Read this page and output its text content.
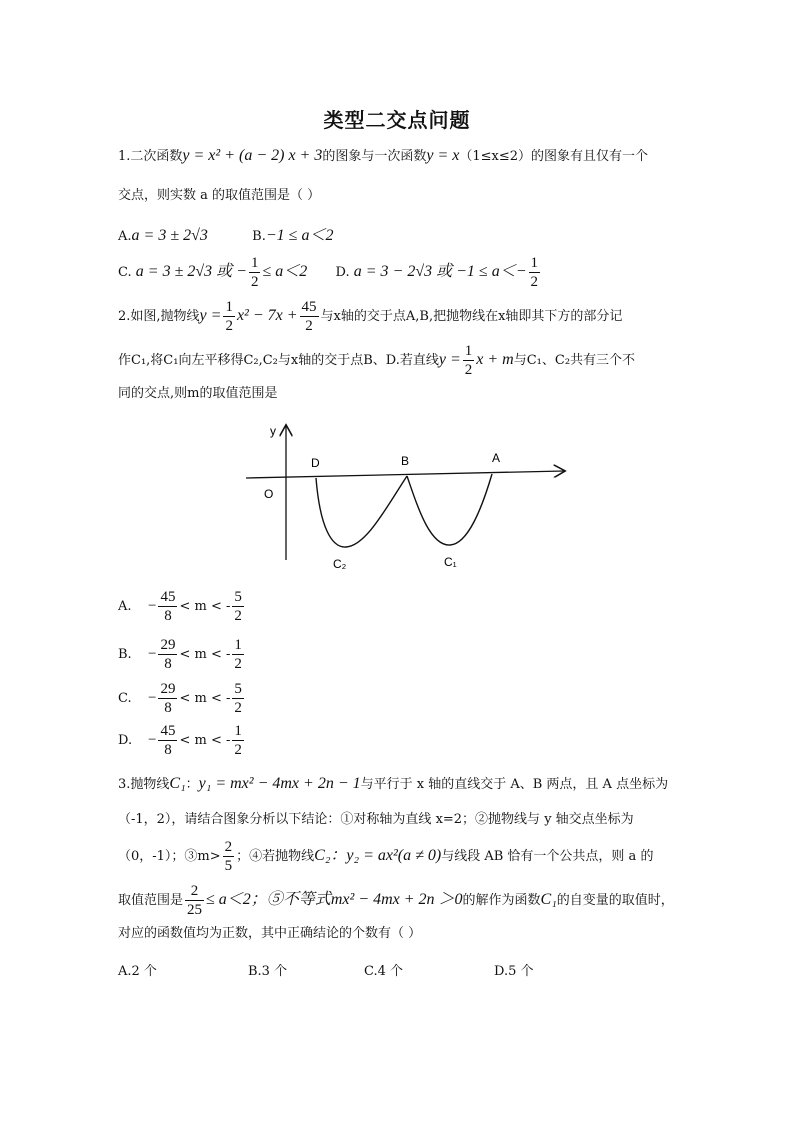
类型二交点问题
1.二次函数y = x² + (a − 2) x + 3的图象与一次函数y = x（1≤x≤2）的图象有且仅有一个
交点，则实数 a 的取值范围是（ ）
A.a = 3 ± 2√3	B.−1 ≤ a＜2
C. a = 3 ± 2√3 或 − $\frac{1}{2} \le a<2$ D. a = 3 − 2√3 或 $-1 \le a<- \frac{1}{2}$
2.如图,抛物线$y = \frac{1}{2} x^2 - 7x + \frac{45}{2}$ 与x轴的交于点A,B,把抛物线在x轴即其下方的部分记
作C₁,将C₁向左平移得C₂,C₂与x轴的交于点B、D.若直线$y = \frac{1}{2}$ x + m与C₁、C₂共有三个不
同的交点,则m的取值范围是
y
O
D	B	A
C₂	C₁
A. − $\frac{45}{8} < m$ < - $\frac{5}{2}$
B. − $\frac{29}{8} < m$ < - $\frac{1}{2}$
C. − $\frac{29}{8} < m$ < - $\frac{5}{2}$
D. − $\frac{45}{8} < m$ < - $\frac{1}{2}$
3.抛物线C₁：y₁ = mx² − 4mx + 2n − 1与平行于 x 轴的直线交于 A、B 两点，且 A 点坐标为
（-1，2），请结合图象分析以下结论：①对称轴为直线 x=2；②抛物线与 y 轴交点坐标为
（0，-1）；③m> $\frac{2}{5}$ ；④若抛物线C₂：y₂ = ax²(a ≠ 0)与线段 AB 恰有一个公共点，则 a 的
取值范围是 $\frac{2}{25} \le a<2$；⑤不等式mx² − 4mx + 2n ＞0的解作为函数C₁的自变量的取值时，
对应的函数值均为正数，其中正确结论的个数有（ ）
A.2 个	B.3 个	C.4 个	D.5 个
